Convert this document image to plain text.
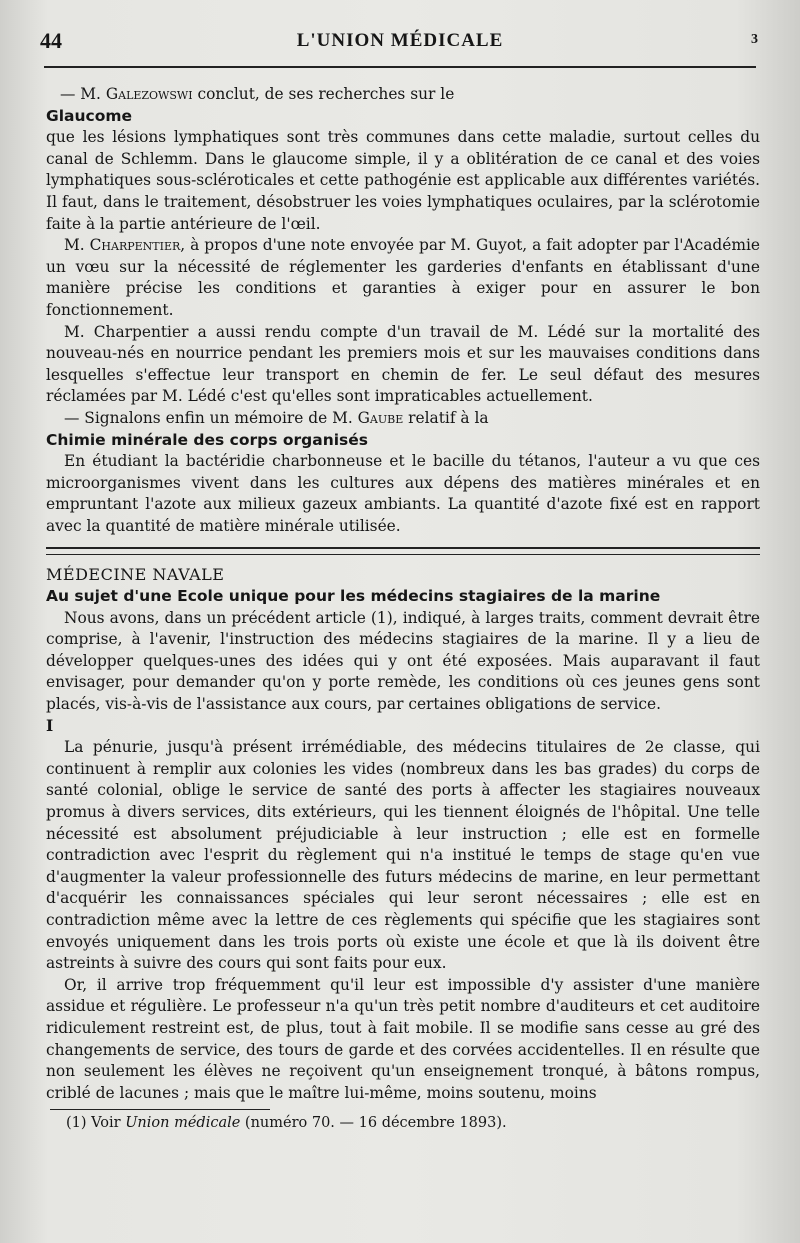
44	L'UNION MÉDICALE	3

— M. Galezowswi conclut, de ses recherches sur le

Glaucome

que les lésions lymphatiques sont très communes dans cette maladie, surtout celles du canal de Schlemm. Dans le glaucome simple, il y a oblitération de ce canal et des voies lymphatiques sous-scléroticales et cette pathogénie est applicable aux différentes variétés. Il faut, dans le traitement, désobstruer les voies lymphatiques oculaires, par la sclérotomie faite à la partie antérieure de l'œil.

M. Charpentier, à propos d'une note envoyée par M. Guyot, a fait adopter par l'Académie un vœu sur la nécessité de réglementer les garderies d'enfants en établissant d'une manière précise les conditions et garanties à exiger pour en assurer le bon fonctionnement.

M. Charpentier a aussi rendu compte d'un travail de M. Lédé sur la mortalité des nouveau-nés en nourrice pendant les premiers mois et sur les mauvaises conditions dans lesquelles s'effectue leur transport en chemin de fer. Le seul défaut des mesures réclamées par M. Lédé c'est qu'elles sont impraticables actuellement.

— Signalons enfin un mémoire de M. Gaube relatif à la

Chimie minérale des corps organisés

En étudiant la bactéridie charbonneuse et le bacille du tétanos, l'auteur a vu que ces microorganismes vivent dans les cultures aux dépens des matières minérales et en empruntant l'azote aux milieux gazeux ambiants. La quantité d'azote fixé est en rapport avec la quantité de matière minérale utilisée.

MÉDECINE NAVALE

Au sujet d'une Ecole unique pour les médecins stagiaires de la marine

Nous avons, dans un précédent article (1), indiqué, à larges traits, comment devrait être comprise, à l'avenir, l'instruction des médecins stagiaires de la marine. Il y a lieu de développer quelques-unes des idées qui y ont été exposées. Mais auparavant il faut envisager, pour demander qu'on y porte remède, les conditions où ces jeunes gens sont placés, vis-à-vis de l'assistance aux cours, par certaines obligations de service.

I

La pénurie, jusqu'à présent irrémédiable, des médecins titulaires de 2e classe, qui continuent à remplir aux colonies les vides (nombreux dans les bas grades) du corps de santé colonial, oblige le service de santé des ports à affecter les stagiaires nouveaux promus à divers services, dits extérieurs, qui les tiennent éloignés de l'hôpital. Une telle nécessité est absolument préjudiciable à leur instruction ; elle est en formelle contradiction avec l'esprit du règlement qui n'a institué le temps de stage qu'en vue d'augmenter la valeur professionnelle des futurs médecins de marine, en leur permettant d'acquérir les connaissances spéciales qui leur seront nécessaires ; elle est en contradiction même avec la lettre de ces règlements qui spécifie que les stagiaires sont envoyés uniquement dans les trois ports où existe une école et que là ils doivent être astreints à suivre des cours qui sont faits pour eux.

Or, il arrive trop fréquemment qu'il leur est impossible d'y assister d'une manière assidue et régulière. Le professeur n'a qu'un très petit nombre d'auditeurs et cet auditoire ridiculement restreint est, de plus, tout à fait mobile. Il se modifie sans cesse au gré des changements de service, des tours de garde et des corvées accidentelles. Il en résulte que non seulement les élèves ne reçoivent qu'un enseignement tronqué, à bâtons rompus, criblé de lacunes ; mais que le maître lui-même, moins soutenu, moins

(1) Voir Union médicale (numéro 70. — 16 décembre 1893).
